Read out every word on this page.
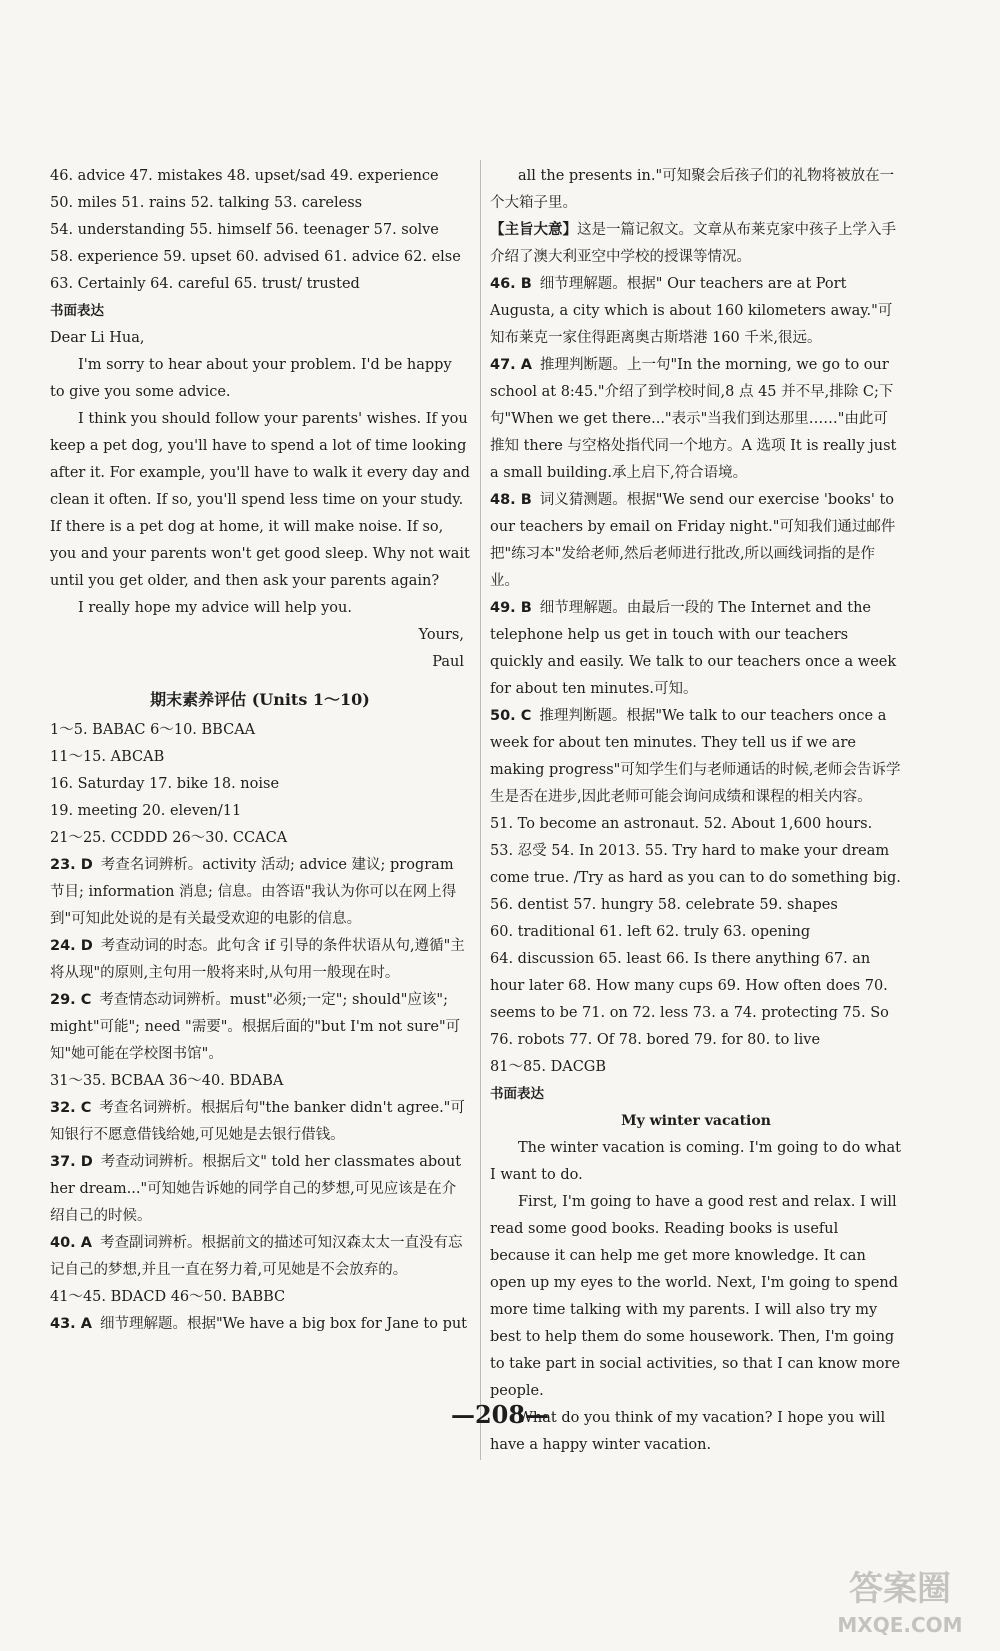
46. advice 47. mistakes 48. upset/sad 49. experience

50. miles 51. rains 52. talking 53. careless

54. understanding 55. himself 56. teenager 57. solve

58. experience 59. upset 60. advised 61. advice 62. else

63. Certainly 64. careful 65. trust/ trusted

书面表达

Dear Li Hua,

I'm sorry to hear about your problem. I'd be happy to give you some advice.

I think you should follow your parents' wishes. If you keep a pet dog, you'll have to spend a lot of time looking after it. For example, you'll have to walk it every day and clean it often. If so, you'll spend less time on your study. If there is a pet dog at home, it will make noise. If so, you and your parents won't get good sleep. Why not wait until you get older, and then ask your parents again?

I really hope my advice will help you.

Yours,

Paul

期末素养评估 (Units 1～10)

1～5. BABAC 6～10. BBCAA

11～15. ABCAB

16. Saturday 17. bike 18. noise

19. meeting 20. eleven/11

21～25. CCDDD 26～30. CCACA

23. D 考查名词辨析。activity 活动; advice 建议; program 节目; information 消息; 信息。由答语"我认为你可以在网上得到"可知此处说的是有关最受欢迎的电影的信息。

24. D 考查动词的时态。此句含 if 引导的条件状语从句,遵循"主将从现"的原则,主句用一般将来时,从句用一般现在时。

29. C 考查情态动词辨析。must"必须;一定"; should"应该"; might"可能"; need "需要"。根据后面的"but I'm not sure"可知"她可能在学校图书馆"。

31～35. BCBAA 36～40. BDABA

32. C 考查名词辨析。根据后句"the banker didn't agree."可知银行不愿意借钱给她,可见她是去银行借钱。

37. D 考查动词辨析。根据后文" told her classmates about her dream..."可知她告诉她的同学自己的梦想,可见应该是在介绍自己的时候。

40. A 考查副词辨析。根据前文的描述可知汉森太太一直没有忘记自己的梦想,并且一直在努力着,可见她是不会放弃的。

41～45. BDACD 46～50. BABBC

43. A 细节理解题。根据"We have a big box for Jane to put

all the presents in."可知聚会后孩子们的礼物将被放在一个大箱子里。

【主旨大意】这是一篇记叙文。文章从布莱克家中孩子上学入手介绍了澳大利亚空中学校的授课等情况。

46. B 细节理解题。根据" Our teachers are at Port Augusta, a city which is about 160 kilometers away."可知布莱克一家住得距离奥古斯塔港 160 千米,很远。

47. A 推理判断题。上一句"In the morning, we go to our school at 8:45."介绍了到学校时间,8 点 45 并不早,排除 C;下句"When we get there..."表示"当我们到达那里……"由此可推知 there 与空格处指代同一个地方。A 选项 It is really just a small building.承上启下,符合语境。

48. B 词义猜测题。根据"We send our exercise 'books' to our teachers by email on Friday night."可知我们通过邮件把"练习本"发给老师,然后老师进行批改,所以画线词指的是作业。

49. B 细节理解题。由最后一段的 The Internet and the telephone help us get in touch with our teachers quickly and easily. We talk to our teachers once a week for about ten minutes.可知。

50. C 推理判断题。根据"We talk to our teachers once a week for about ten minutes. They tell us if we are making progress"可知学生们与老师通话的时候,老师会告诉学生是否在进步,因此老师可能会询问成绩和课程的相关内容。

51. To become an astronaut. 52. About 1,600 hours.

53. 忍受 54. In 2013. 55. Try hard to make your dream come true. /Try as hard as you can to do something big.

56. dentist 57. hungry 58. celebrate 59. shapes

60. traditional 61. left 62. truly 63. opening

64. discussion 65. least 66. Is there anything 67. an hour later 68. How many cups 69. How often does 70. seems to be 71. on 72. less 73. a 74. protecting 75. So

76. robots 77. Of 78. bored 79. for 80. to live

81～85. DACGB

书面表达

My winter vacation

The winter vacation is coming. I'm going to do what I want to do.

First, I'm going to have a good rest and relax. I will read some good books. Reading books is useful because it can help me get more knowledge. It can open up my eyes to the world. Next, I'm going to spend more time talking with my parents. I will also try my best to help them do some housework. Then, I'm going to take part in social activities, so that I can know more people.

What do you think of my vacation? I hope you will have a happy winter vacation.

—208—
答案圈
MXQE.COM
